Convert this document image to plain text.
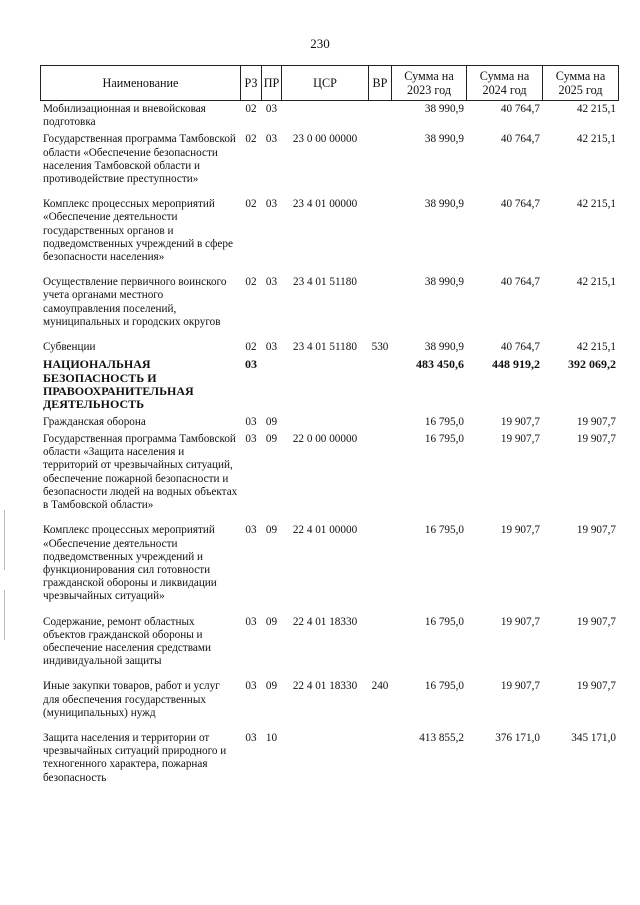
230
Наименование	РЗ	ПР	ЦСР	ВР	Сумма на 2023 год	Сумма на 2024 год	Сумма на 2025 год
Мобилизационная и вневойсковая подготовка	02	03			38 990,9	40 764,7	42 215,1
Государственная программа Тамбовской области «Обеспечение безопасности населения Тамбовской области и противодействие преступности»	02	03	23 0 00 00000		38 990,9	40 764,7	42 215,1
Комплекс процессных мероприятий «Обеспечение деятельности государственных органов и подведомственных учреждений в сфере безопасности населения»	02	03	23 4 01 00000		38 990,9	40 764,7	42 215,1
Осуществление первичного воинского учета органами местного самоуправления поселений, муниципальных и городских округов	02	03	23 4 01 51180		38 990,9	40 764,7	42 215,1
Субвенции	02	03	23 4 01 51180	530	38 990,9	40 764,7	42 215,1
НАЦИОНАЛЬНАЯ БЕЗОПАСНОСТЬ И ПРАВООХРАНИТЕЛЬНАЯ ДЕЯТЕЛЬНОСТЬ	03				483 450,6	448 919,2	392 069,2
Гражданская оборона	03	09			16 795,0	19 907,7	19 907,7
Государственная программа Тамбовской области «Защита населения и территорий от чрезвычайных ситуаций, обеспечение пожарной безопасности и безопасности людей на водных объектах в Тамбовской области»	03	09	22 0 00 00000		16 795,0	19 907,7	19 907,7
Комплекс процессных мероприятий «Обеспечение деятельности подведомственных учреждений и функционирования сил готовности гражданской обороны и ликвидации чрезвычайных ситуаций»	03	09	22 4 01 00000		16 795,0	19 907,7	19 907,7
Содержание, ремонт областных объектов гражданской обороны и обеспечение населения средствами индивидуальной защиты	03	09	22 4 01 18330		16 795,0	19 907,7	19 907,7
Иные закупки товаров, работ и услуг для обеспечения государственных (муниципальных) нужд	03	09	22 4 01 18330	240	16 795,0	19 907,7	19 907,7
Защита населения и территории от чрезвычайных ситуаций природного и техногенного характера, пожарная безопасность	03	10			413 855,2	376 171,0	345 171,0
